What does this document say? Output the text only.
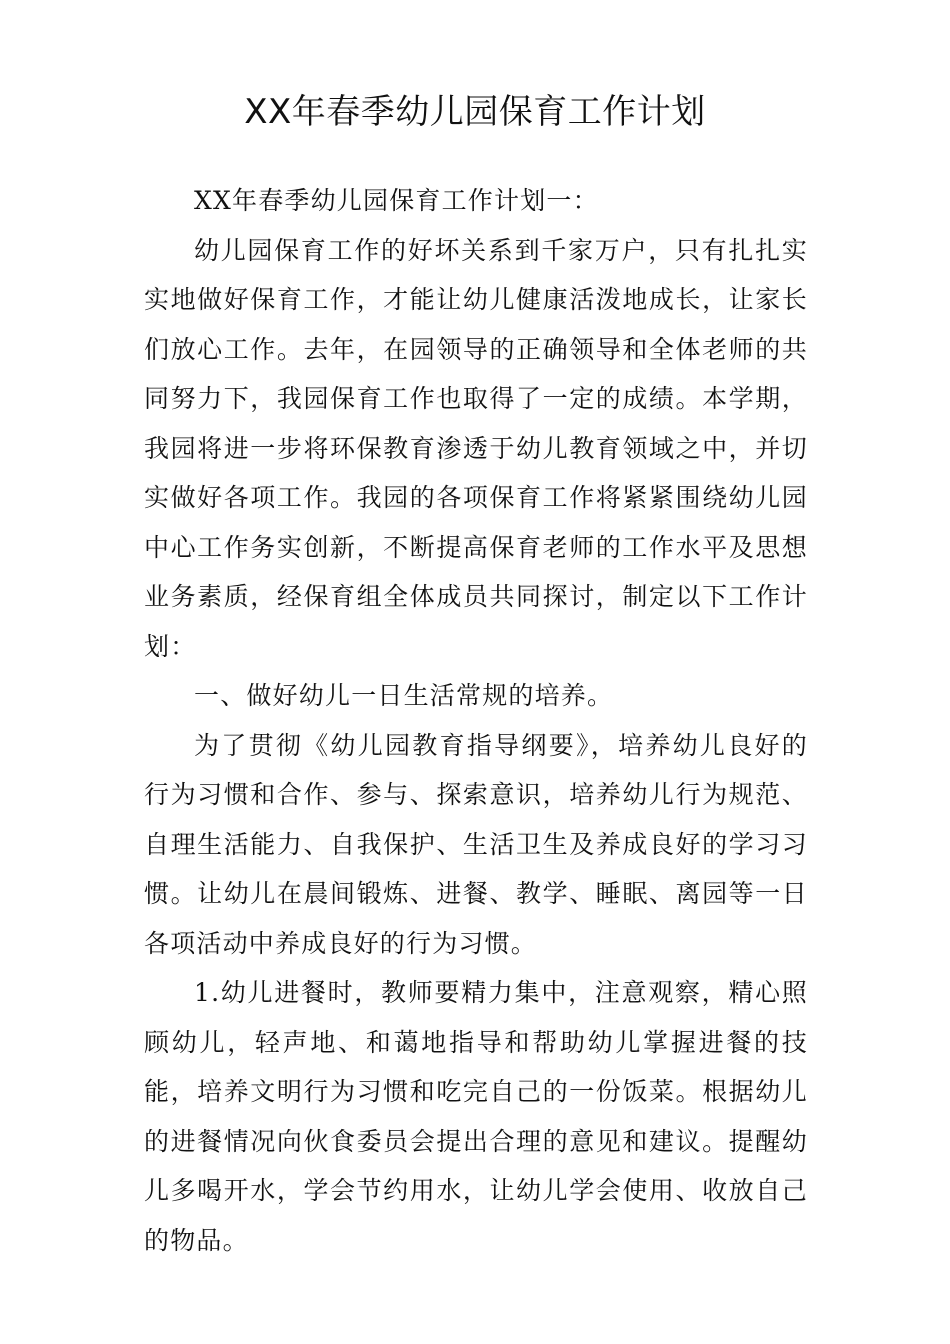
XX年春季幼儿园保育工作计划

XX年春季幼儿园保育工作计划一：

幼儿园保育工作的好坏关系到千家万户，只有扎扎实实地做好保育工作，才能让幼儿健康活泼地成长，让家长们放心工作。去年，在园领导的正确领导和全体老师的共同努力下，我园保育工作也取得了一定的成绩。本学期，我园将进一步将环保教育渗透于幼儿教育领域之中，并切实做好各项工作。我园的各项保育工作将紧紧围绕幼儿园中心工作务实创新，不断提高保育老师的工作水平及思想业务素质，经保育组全体成员共同探讨，制定以下工作计划：

一、做好幼儿一日生活常规的培养。

为了贯彻《幼儿园教育指导纲要》，培养幼儿良好的行为习惯和合作、参与、探索意识，培养幼儿行为规范、自理生活能力、自我保护、生活卫生及养成良好的学习习惯。让幼儿在晨间锻炼、进餐、教学、睡眠、离园等一日各项活动中养成良好的行为习惯。

1.幼儿进餐时，教师要精力集中，注意观察，精心照顾幼儿，轻声地、和蔼地指导和帮助幼儿掌握进餐的技能，培养文明行为习惯和吃完自己的一份饭菜。根据幼儿的进餐情况向伙食委员会提出合理的意见和建议。提醒幼儿多喝开水，学会节约用水，让幼儿学会使用、收放自己的物品。
